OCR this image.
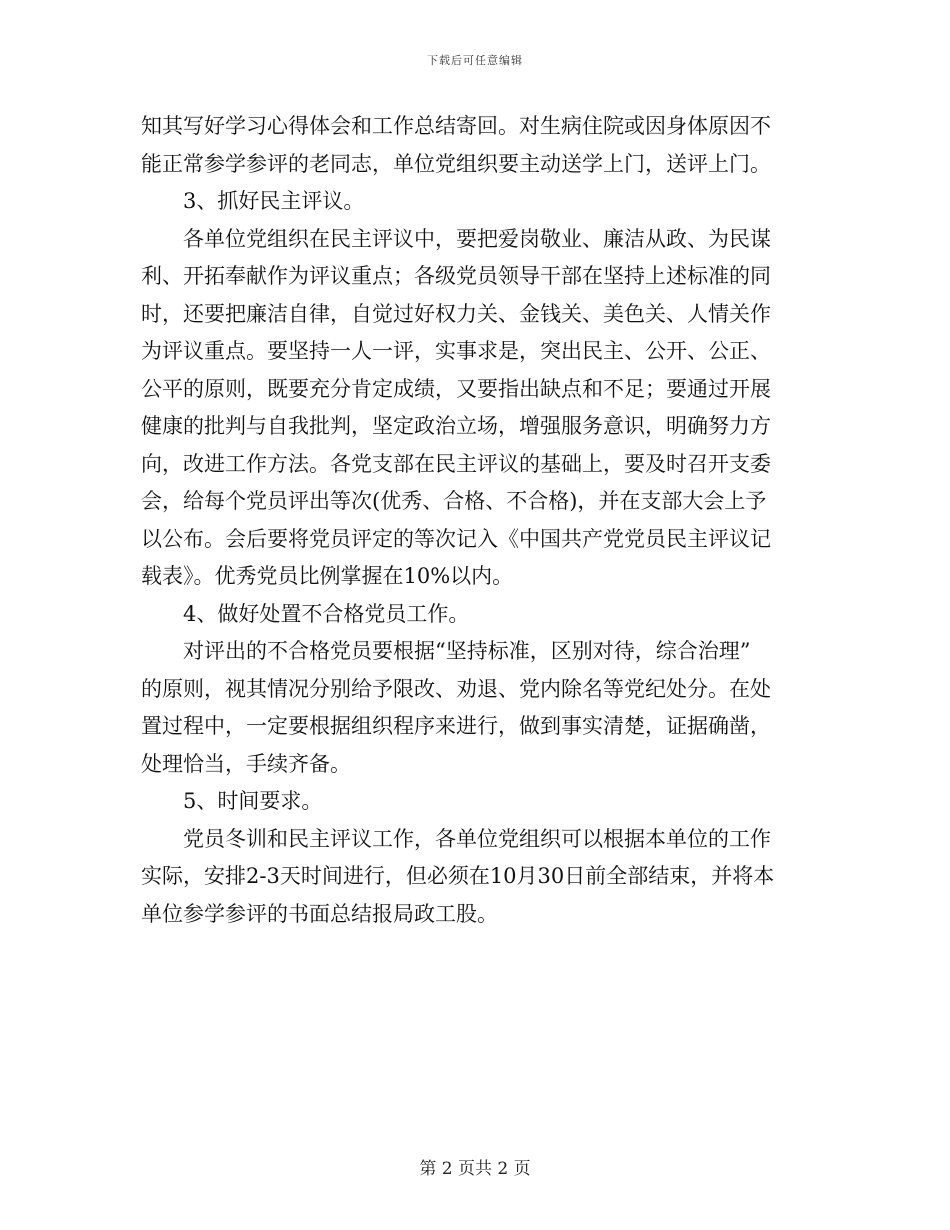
下载后可任意编辑

知其写好学习心得体会和工作总结寄回。对生病住院或因身体原因不
能正常参学参评的老同志，单位党组织要主动送学上门，送评上门。

3、抓好民主评议。

各单位党组织在民主评议中，要把爱岗敬业、廉洁从政、为民谋
利、开拓奉献作为评议重点；各级党员领导干部在坚持上述标准的同
时，还要把廉洁自律，自觉过好权力关、金钱关、美色关、人情关作
为评议重点。要坚持一人一评，实事求是，突出民主、公开、公正、
公平的原则，既要充分肯定成绩，又要指出缺点和不足；要通过开展
健康的批判与自我批判，坚定政治立场，增强服务意识，明确努力方
向，改进工作方法。各党支部在民主评议的基础上，要及时召开支委
会，给每个党员评出等次(优秀、合格、不合格)，并在支部大会上予
以公布。会后要将党员评定的等次记入《中国共产党党员民主评议记
载表》。优秀党员比例掌握在10%以内。

4、做好处置不合格党员工作。

对评出的不合格党员要根据“坚持标准，区别对待，综合治理”
的原则，视其情况分别给予限改、劝退、党内除名等党纪处分。在处
置过程中，一定要根据组织程序来进行，做到事实清楚，证据确凿，
处理恰当，手续齐备。

5、时间要求。

党员冬训和民主评议工作，各单位党组织可以根据本单位的工作
实际，安排2-3天时间进行，但必须在10月30日前全部结束，并将本
单位参学参评的书面总结报局政工股。

第 2 页共 2 页
